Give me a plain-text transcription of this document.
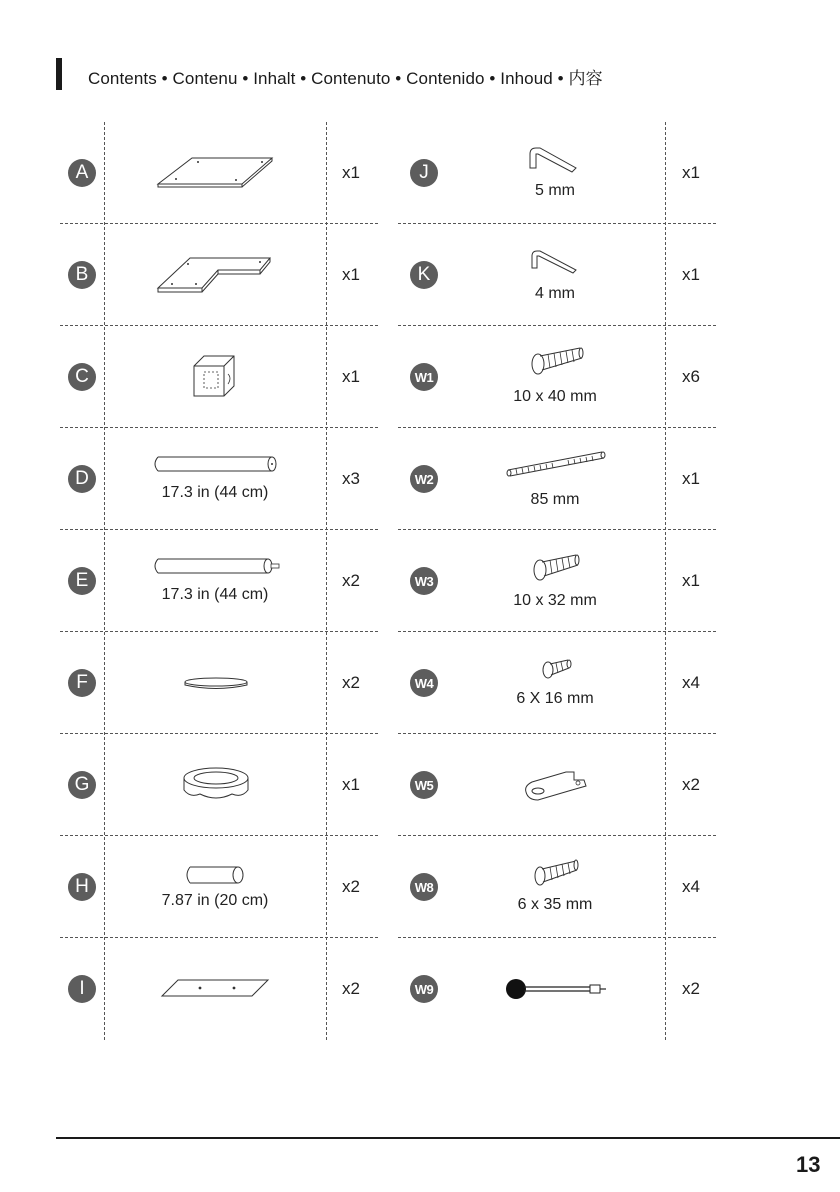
Contents • Contenu • Inhalt • Contenuto • Contenido • Inhoud • 内容
A	x1
B	x1
C	x1
D
17.3 in (44 cm)
x3
E
17.3 in (44 cm)
x2
F	x2
G	x1
H
7.87 in (20 cm)
x2
I	x2
J
5 mm
x1
K
4 mm
x1
W1
10 x 40 mm
x6
W2
85 mm
x1
W3
10 x 32 mm
x1
W4
6 X 16 mm
x4
W5	x2
W8
6 x 35 mm
x4
W9	x2
13
